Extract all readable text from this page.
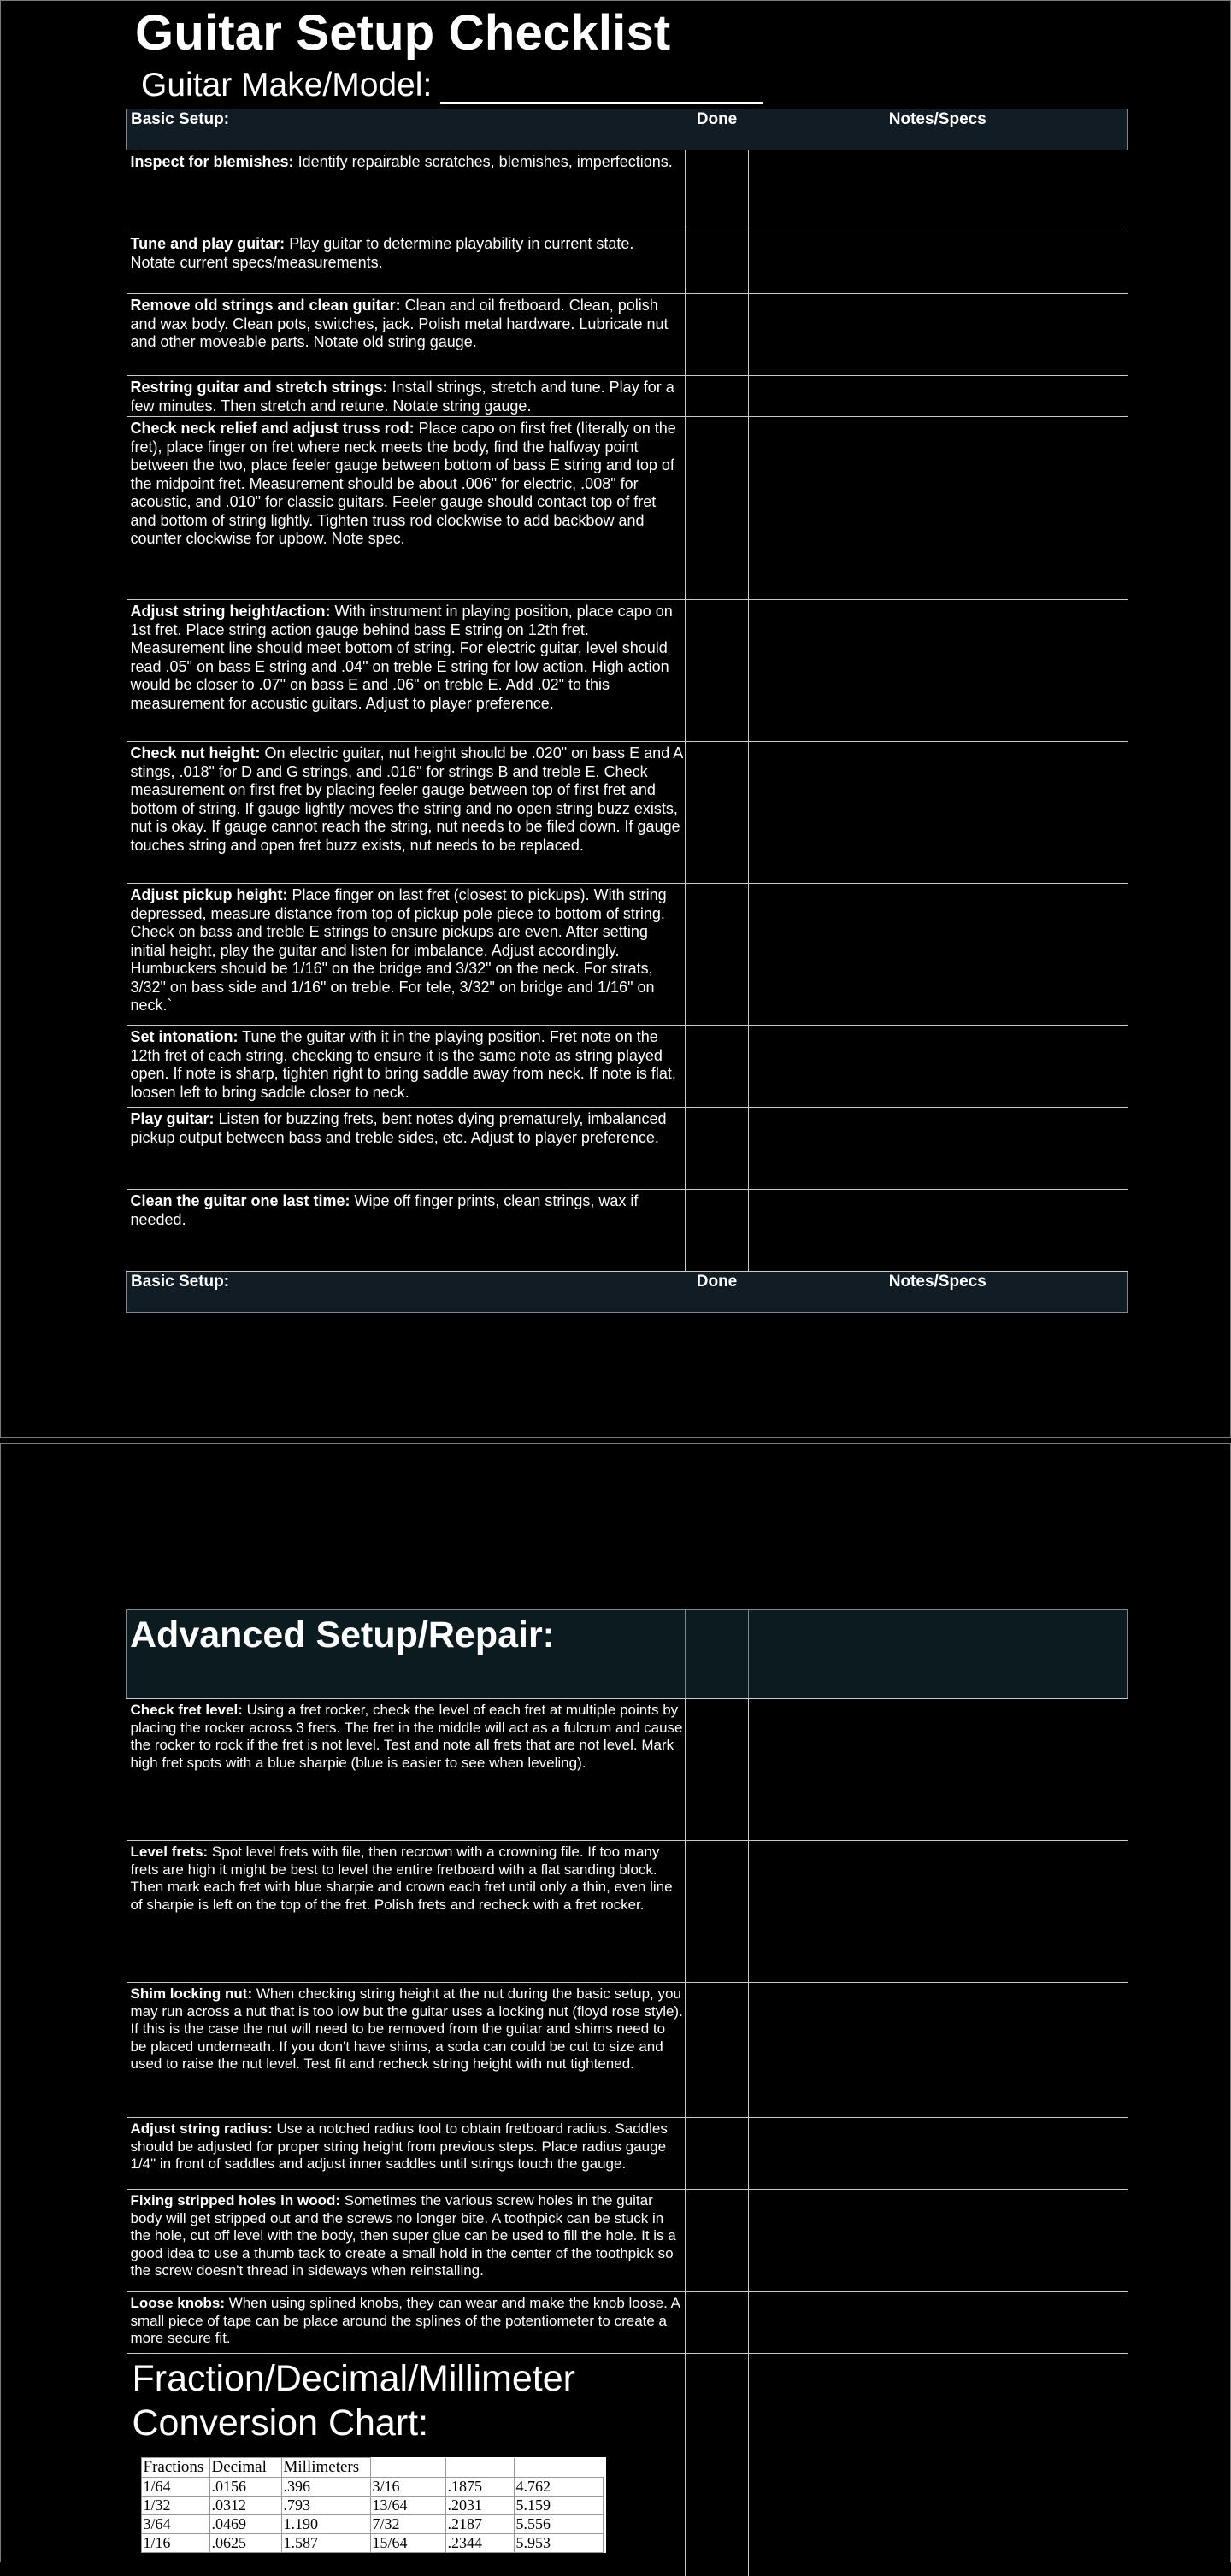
Guitar Setup Checklist
Guitar Make/Model:
Basic Setup:	Done	Notes/Specs
Inspect for blemishes: Identify repairable scratches, blemishes, imperfections.		
Tune and play guitar: Play guitar to determine playability in current state. Notate current specs/measurements.		
Remove old strings and clean guitar: Clean and oil fretboard. Clean, polish and wax body. Clean pots, switches, jack. Polish metal hardware. Lubricate nut and other moveable parts. Notate old string gauge.		
Restring guitar and stretch strings: Install strings, stretch and tune. Play for a few minutes. Then stretch and retune. Notate string gauge.		
Check neck relief and adjust truss rod: Place capo on first fret (literally on the fret), place finger on fret where neck meets the body, find the halfway point between the two, place feeler gauge between bottom of bass E string and top of the midpoint fret. Measurement should be about .006" for electric, .008" for acoustic, and .010" for classic guitars. Feeler gauge should contact top of fret and bottom of string lightly. Tighten truss rod clockwise to add backbow and counter clockwise for upbow. Note spec.		
Adjust string height/action: With instrument in playing position, place capo on 1st fret. Place string action gauge behind bass E string on 12th fret. Measurement line should meet bottom of string. For electric guitar, level should read .05" on bass E string and .04" on treble E string for low action. High action would be closer to .07" on bass E and .06" on treble E. Add .02" to this measurement for acoustic guitars. Adjust to player preference.		
Check nut height: On electric guitar, nut height should be .020" on bass E and A stings, .018" for D and G strings, and .016" for strings B and treble E. Check measurement on first fret by placing feeler gauge between top of first fret and bottom of string. If gauge lightly moves the string and no open string buzz exists, nut is okay. If gauge cannot reach the string, nut needs to be filed down. If gauge touches string and open fret buzz exists, nut needs to be replaced.		
Adjust pickup height: Place finger on last fret (closest to pickups). With string depressed, measure distance from top of pickup pole piece to bottom of string. Check on bass and treble E strings to ensure pickups are even. After setting initial height, play the guitar and listen for imbalance. Adjust accordingly. Humbuckers should be 1/16" on the bridge and 3/32" on the neck. For strats, 3/32" on bass side and 1/16" on treble. For tele, 3/32" on bridge and 1/16" on neck.`		
Set intonation: Tune the guitar with it in the playing position. Fret note on the 12th fret of each string, checking to ensure it is the same note as string played open. If note is sharp, tighten right to bring saddle away from neck. If note is flat, loosen left to bring saddle closer to neck.		
Play guitar: Listen for buzzing frets, bent notes dying prematurely, imbalanced pickup output between bass and treble sides, etc. Adjust to player preference.		
Clean the guitar one last time: Wipe off finger prints, clean strings, wax if needed.		
Basic Setup:	Done	Notes/Specs
Advanced Setup/Repair:

Check fret level: Using a fret rocker, check the level of each fret at multiple points by placing the rocker across 3 frets. The fret in the middle will act as a fulcrum and cause the rocker to rock if the fret is not level. Test and note all frets that are not level. Mark high fret spots with a blue sharpie (blue is easier to see when leveling).		
Level frets: Spot level frets with file, then recrown with a crowning file. If too many frets are high it might be best to level the entire fretboard with a flat sanding block. Then mark each fret with blue sharpie and crown each fret until only a thin, even line of sharpie is left on the top of the fret. Polish frets and recheck with a fret rocker.		
Shim locking nut: When checking string height at the nut during the basic setup, you may run across a nut that is too low but the guitar uses a locking nut (floyd rose style). If this is the case the nut will need to be removed from the guitar and shims need to be placed underneath. If you don't have shims, a soda can could be cut to size and used to raise the nut level. Test fit and recheck string height with nut tightened.		
Adjust string radius: Use a notched radius tool to obtain fretboard radius. Saddles should be adjusted for proper string height from previous steps. Place radius gauge 1/4" in front of saddles and adjust inner saddles until strings touch the gauge.		
Fixing stripped holes in wood: Sometimes the various screw holes in the guitar body will get stripped out and the screws no longer bite. A toothpick can be stuck in the hole, cut off level with the body, then super glue can be used to fill the hole. It is a good idea to use a thumb tack to create a small hold in the center of the toothpick so the screw doesn't thread in sideways when reinstalling.		
Loose knobs: When using splined knobs, they can wear and make the knob loose. A small piece of tape can be place around the splines of the potentiometer to create a more secure fit.		

Fraction/Decimal/Millimeter
Conversion Chart:
Fractions	Decimal	Millimeters			
1/64	.0156	.396	3/16	.1875	4.762
1/32	.0312	.793	13/64	.2031	5.159
3/64	.0469	1.190	7/32	.2187	5.556
1/16	.0625	1.587	15/64	.2344	5.953
